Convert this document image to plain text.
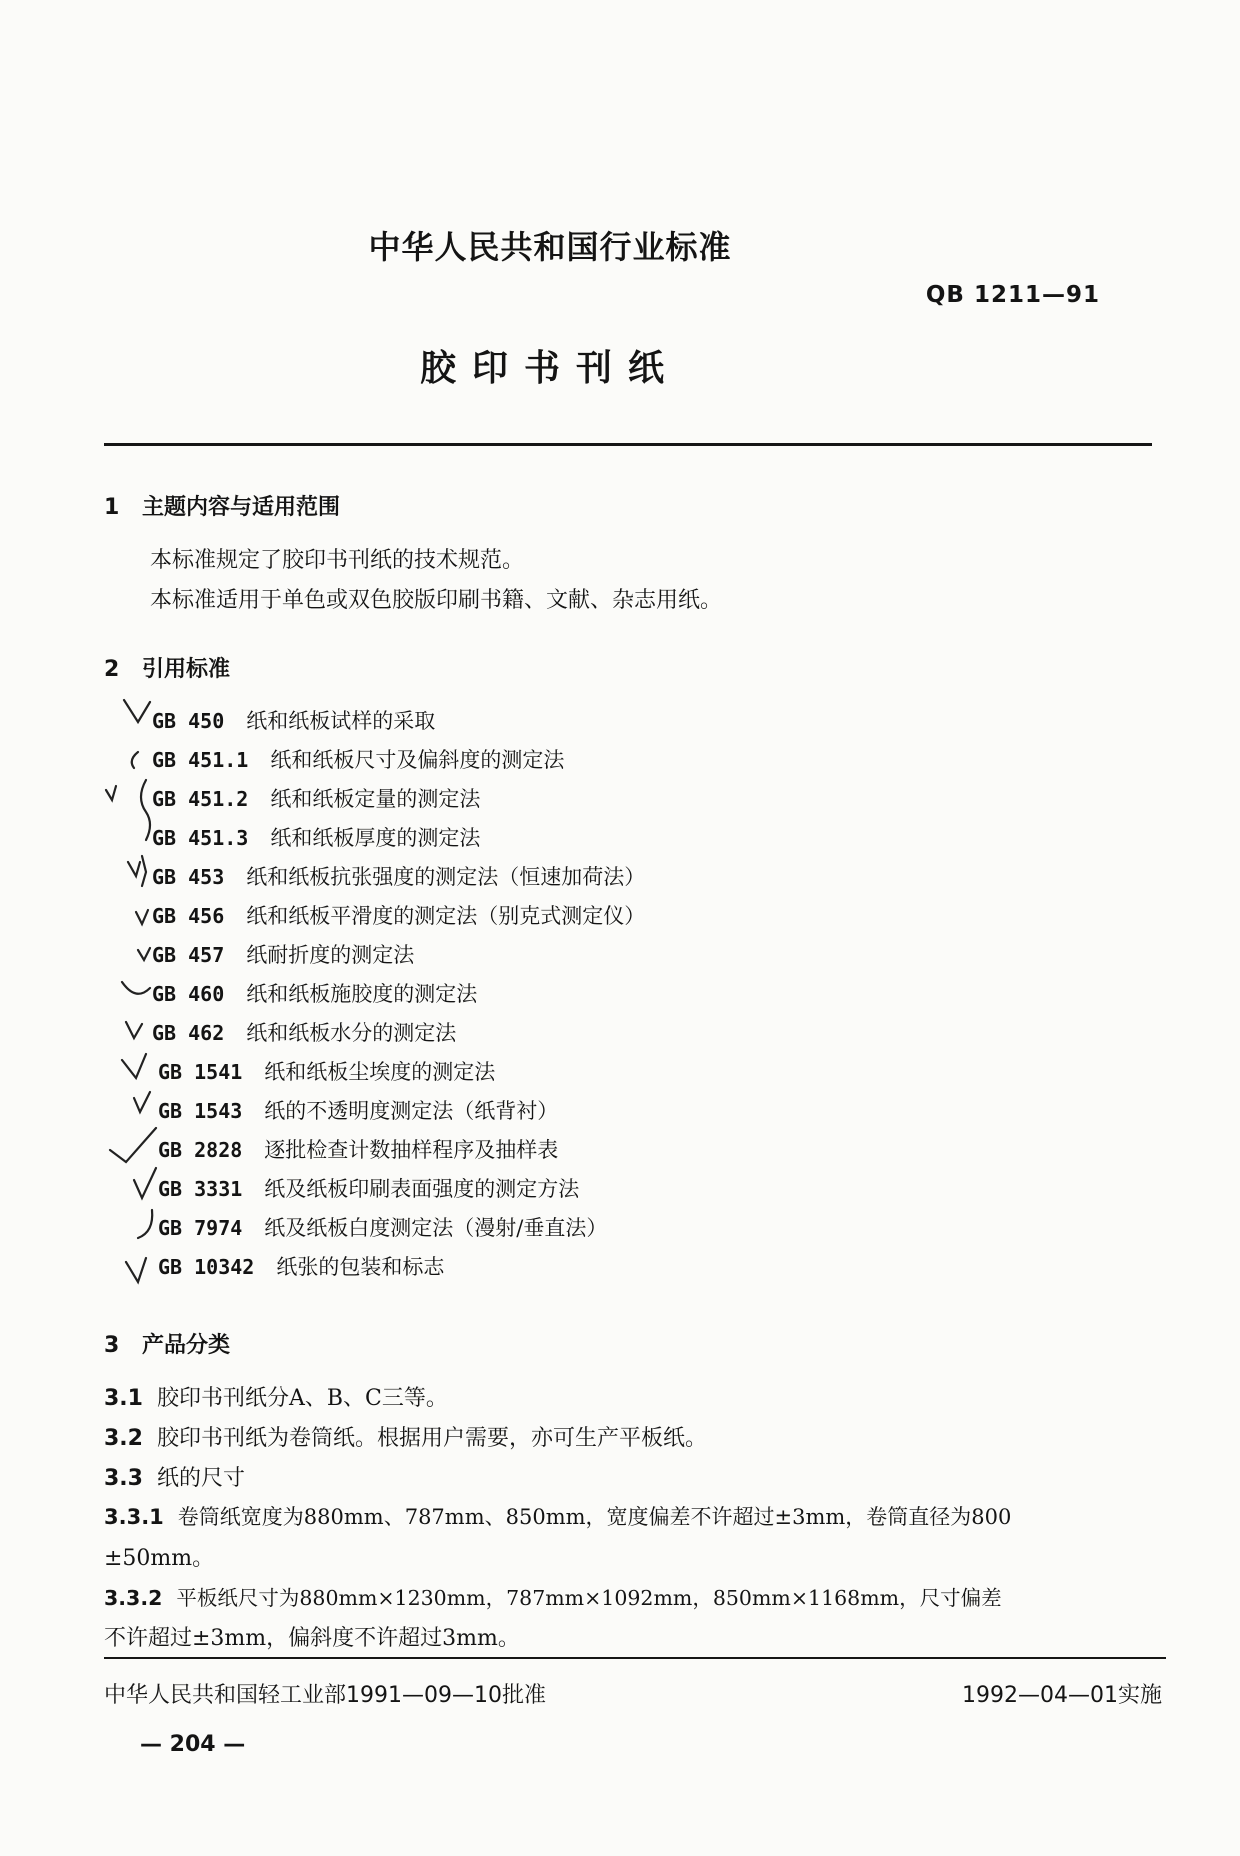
中华人民共和国行业标准
QB 1211—91
胶印书刊纸
1 主题内容与适用范围
本标准规定了胶印书刊纸的技术规范。
本标准适用于单色或双色胶版印刷书籍、文献、杂志用纸。
2 引用标准
GB 450 纸和纸板试样的采取
GB 451.1 纸和纸板尺寸及偏斜度的测定法
GB 451.2 纸和纸板定量的测定法
GB 451.3 纸和纸板厚度的测定法
GB 453 纸和纸板抗张强度的测定法（恒速加荷法）
GB 456 纸和纸板平滑度的测定法（别克式测定仪）
GB 457 纸耐折度的测定法
GB 460 纸和纸板施胶度的测定法
GB 462 纸和纸板水分的测定法
GB 1541 纸和纸板尘埃度的测定法
GB 1543 纸的不透明度测定法（纸背衬）
GB 2828 逐批检查计数抽样程序及抽样表
GB 3331 纸及纸板印刷表面强度的测定方法
GB 7974 纸及纸板白度测定法（漫射/垂直法）
GB 10342 纸张的包装和标志
3 产品分类
3.1 胶印书刊纸分A、B、C三等。
3.2 胶印书刊纸为卷筒纸。根据用户需要，亦可生产平板纸。
3.3 纸的尺寸
3.3.1 卷筒纸宽度为880mm、787mm、850mm，宽度偏差不许超过±3mm，卷筒直径为800
±50mm。
3.3.2 平板纸尺寸为880mm×1230mm，787mm×1092mm，850mm×1168mm，尺寸偏差
不许超过±3mm，偏斜度不许超过3mm。
中华人民共和国轻工业部1991—09—10批准	1992—04—01实施
— 204 —
